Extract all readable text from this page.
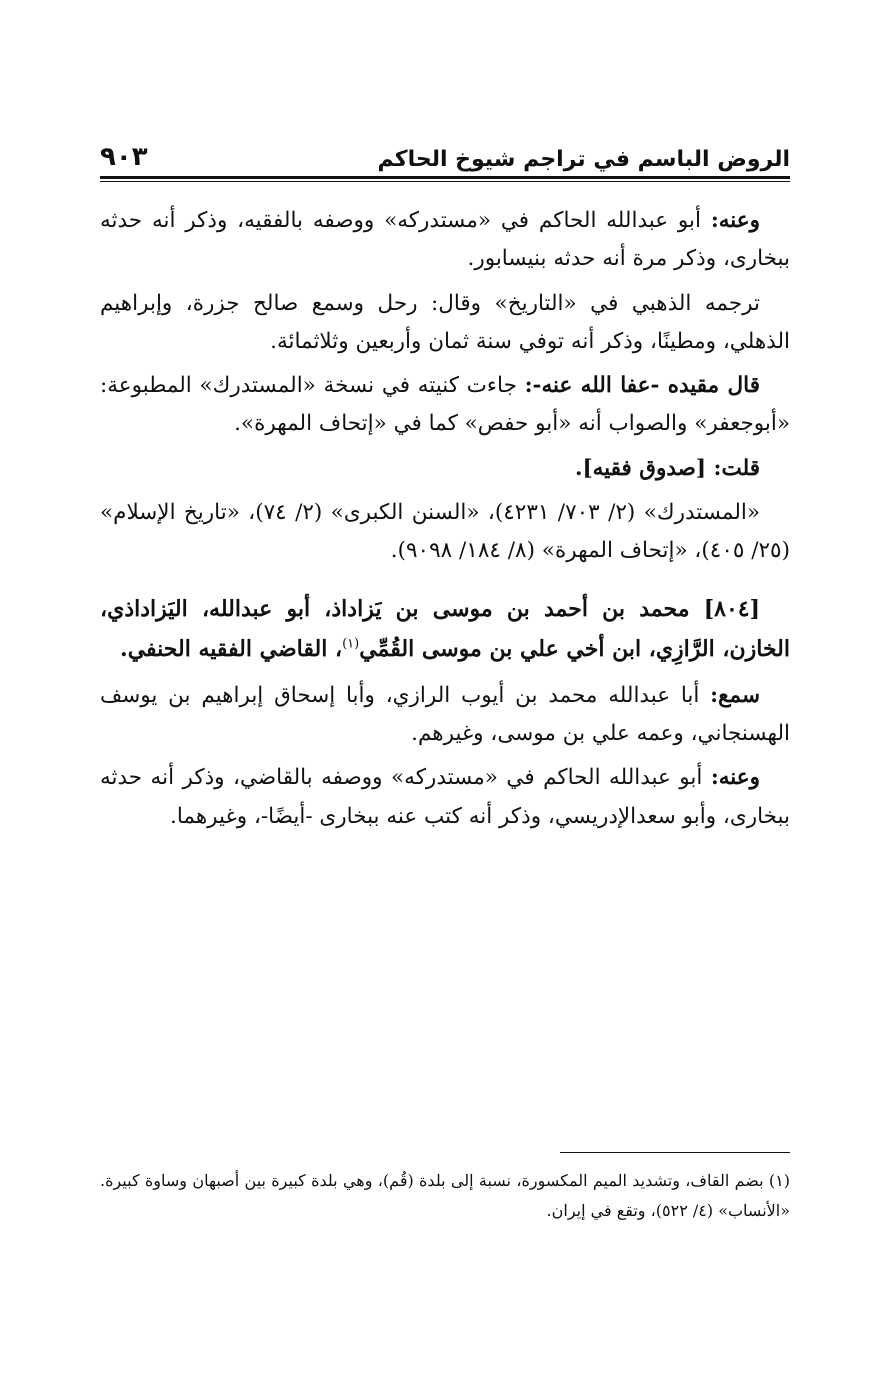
الروض الباسم في تراجم شيوخ الحاكم
٩٠٣

وعنه: أبو عبدالله الحاكم في «مستدركه» ووصفه بالفقيه، وذكر أنه حدثه ببخارى، وذكر مرة أنه حدثه بنيسابور.

ترجمه الذهبي في «التاريخ» وقال: رحل وسمع صالح جزرة، وإبراهيم الذهلي، ومطينًا، وذكر أنه توفي سنة ثمان وأربعين وثلاثمائة.

قال مقيده -عفا الله عنه-: جاءت كنيته في نسخة «المستدرك» المطبوعة: «أبوجعفر» والصواب أنه «أبو حفص» كما في «إتحاف المهرة».

قلت: [صدوق فقيه].

«المستدرك» (٢/ ٧٠٣/ ٤٢٣١)، «السنن الكبرى» (٢/ ٧٤)، «تاريخ الإسلام» (٢٥/ ٤٠٥)، «إتحاف المهرة» (٨/ ١٨٤/ ٩٠٩٨).

[٨٠٤] محمد بن أحمد بن موسى بن يَزاداذ، أبو عبدالله، اليَزاداذي، الخازن، الرَّازِي، ابن أخي علي بن موسى القُمِّي$^{(١)}$، القاضي الفقيه الحنفي.

سمع: أبا عبدالله محمد بن أيوب الرازي، وأبا إسحاق إبراهيم بن يوسف الهسنجاني، وعمه علي بن موسى، وغيرهم.

وعنه: أبو عبدالله الحاكم في «مستدركه» ووصفه بالقاضي، وذكر أنه حدثه ببخارى، وأبو سعدالإدريسي، وذكر أنه كتب عنه ببخارى -أيضًا-، وغيرهما.

(١) بضم القاف، وتشديد الميم المكسورة، نسبة إلى بلدة (قُم)، وهي بلدة كبيرة بين أصبهان وساوة كبيرة. «الأنساب» (٤/ ٥٢٢)، وتقع في إيران.
